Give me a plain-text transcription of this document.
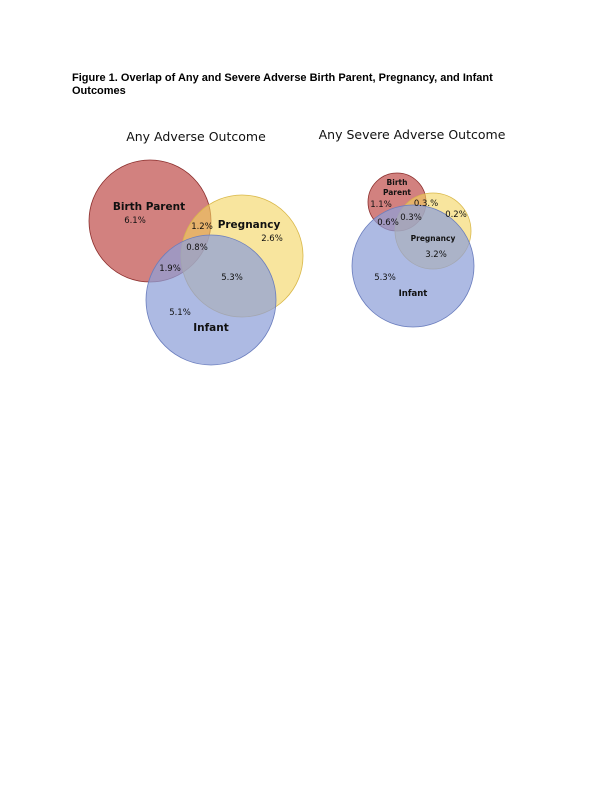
Figure 1. Overlap of Any and Severe Adverse Birth Parent, Pregnancy, and Infant Outcomes
Any Adverse Outcome
Birth Parent
Pregnancy
Infant
6.1%
2.6%
5.1%
1.2%
1.9%
5.3%
0.8%
Any Severe Adverse Outcome
Birth Parent
Pregnancy
Infant
1.1%
0.2%
5.3%
0.3.%
0.6%
3.2%
0.3%
